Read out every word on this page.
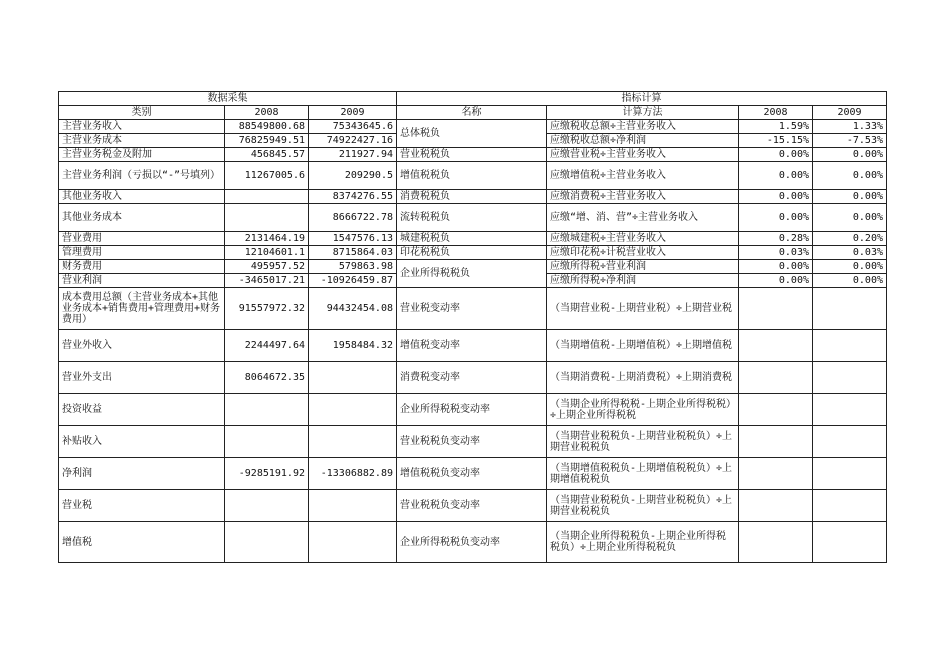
数据采集			指标计算			
类别	2008	2009	名称	计算方法	2008	2009
主营业务收入	88549800.68	75343645.6	总体税负	应缴税收总额÷主营业务收入	1.59%	1.33%
主营业务成本	76825949.51	74922427.16		应缴税收总额÷净利润	-15.15%	-7.53%
主营业务税金及附加	456845.57	211927.94	营业税税负	应缴营业税÷主营业务收入	0.00%	0.00%
主营业务利润（亏损以“-”号填列）	11267005.6	209290.5	增值税税负	应缴增值税÷主营业务收入	0.00%	0.00%
其他业务收入		8374276.55	消费税税负	应缴消费税÷主营业务收入	0.00%	0.00%
其他业务成本		8666722.78	流转税税负	应缴“增、消、营”÷主营业务收入	0.00%	0.00%
营业费用	2131464.19	1547576.13	城建税税负	应缴城建税÷主营业务收入	0.28%	0.20%
管理费用	12104601.1	8715864.03	印花税税负	应缴印花税÷计税营业收入	0.03%	0.03%
财务费用	495957.52	579863.98	企业所得税税负	应缴所得税÷营业利润	0.00%	0.00%
营业利润	-3465017.21	-10926459.87		应缴所得税÷净利润	0.00%	0.00%
成本费用总额（主营业务成本+其他业务成本+销售费用+管理费用+财务费用）	91557972.32	94432454.08	营业税变动率	（当期营业税-上期营业税）÷上期营业税		
营业外收入	2244497.64	1958484.32	增值税变动率	（当期增值税-上期增值税）÷上期增值税		
营业外支出	8064672.35		消费税变动率	（当期消费税-上期消费税）÷上期消费税		
投资收益			企业所得税税变动率	（当期企业所得税税-上期企业所得税税）÷上期企业所得税税		
补贴收入			营业税税负变动率	（当期营业税税负-上期营业税税负）÷上期营业税税负		
净利润	-9285191.92	-13306882.89	增值税税负变动率	（当期增值税税负-上期增值税税负）÷上期增值税税负		
营业税			营业税税负变动率	（当期营业税税负-上期营业税税负）÷上期营业税税负		
增值税			企业所得税税负变动率	（当期企业所得税税负-上期企业所得税税负）÷上期企业所得税税负		
